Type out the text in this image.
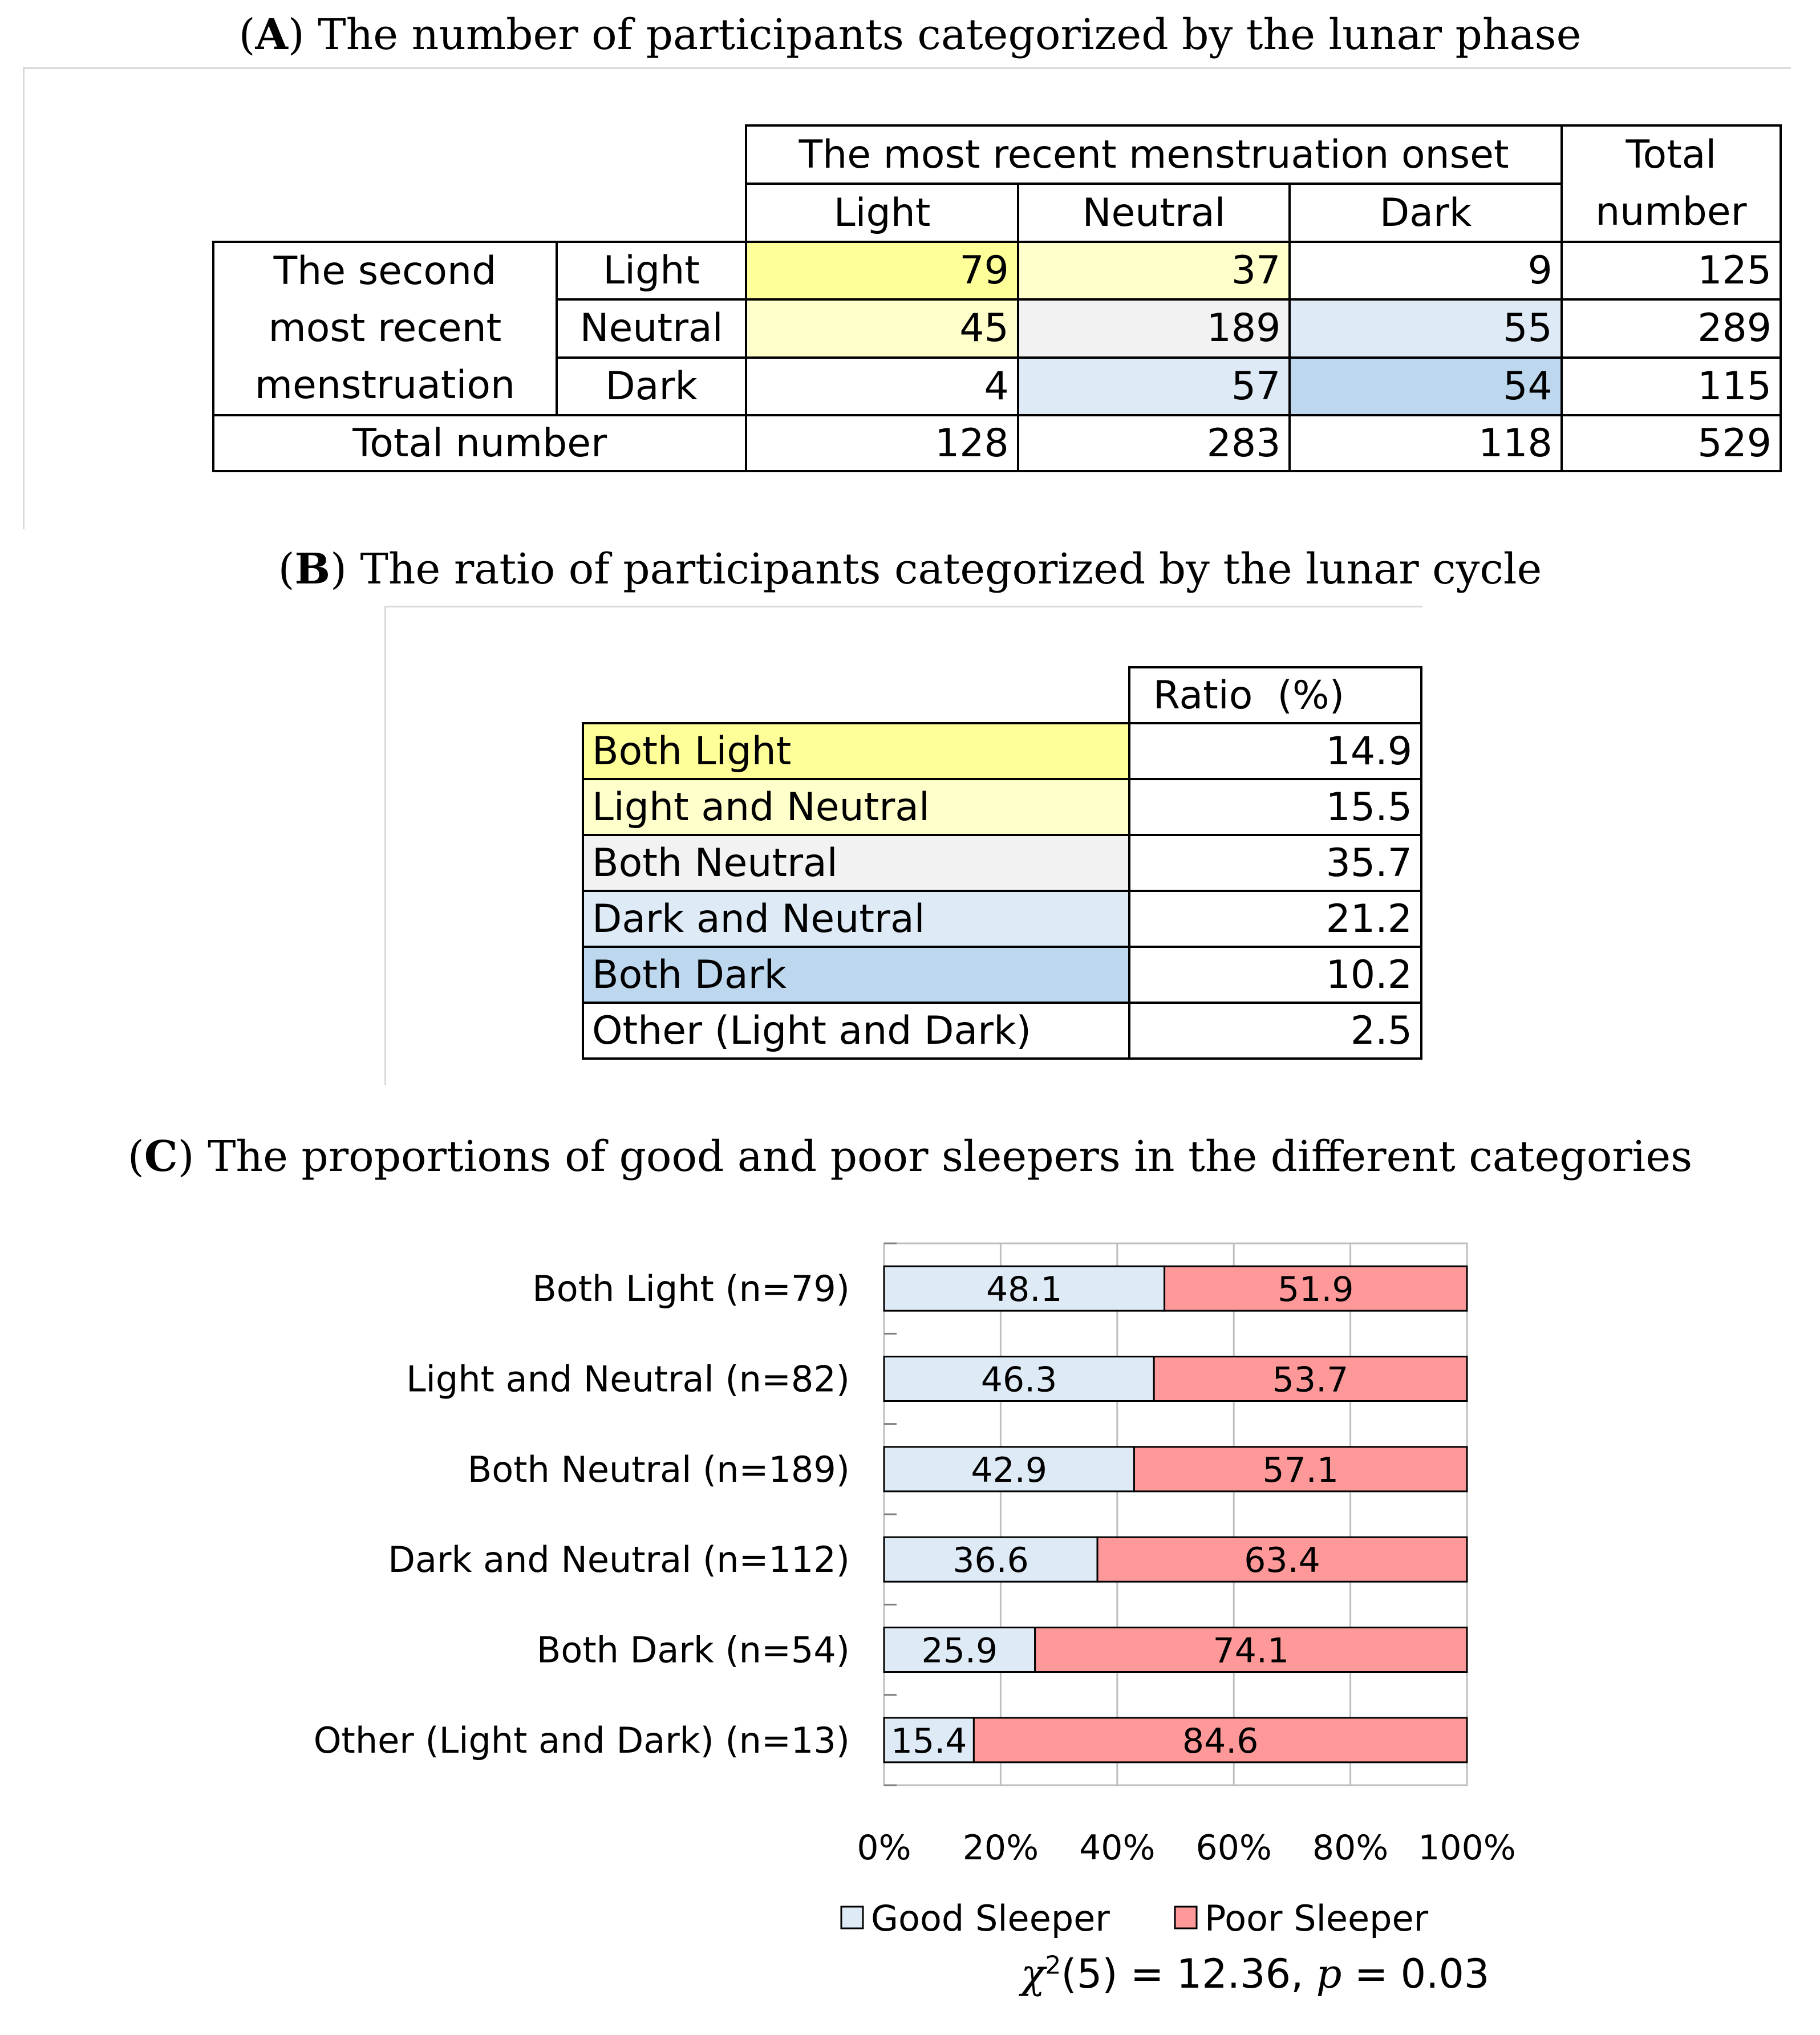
(A) The number of participants categorized by the lunar phase
		The most recent menstruation onset			Total
number
		Light	Neutral	Dark	
The second
most recent
menstruation	Light	79	37	9	125
	Neutral	45	189	55	289
	Dark	4	57	54	115
Total number		128	283	118	529
(B) The ratio of participants categorized by the lunar cycle
	Ratio  (%)
Both Light	14.9
Light and Neutral	15.5
Both Neutral	35.7
Dark and Neutral	21.2
Both Dark	10.2
Other (Light and Dark)	2.5
(C) The proportions of good and poor sleepers in the different categories
Both Light (n=79)	48.1	51.9
Light and Neutral (n=82)	46.3	53.7
Both Neutral (n=189)	42.9	57.1
Dark and Neutral (n=112)	36.6	63.4
Both Dark (n=54) 25.9	74.1
Other (Light and Dark) (n=13) 15.4	84.6
0% 20% 40% 60% 80% 100%
Good Sleeper	Poor Sleeper
$\chi^2(5) = 12.36$, p = 0.03
